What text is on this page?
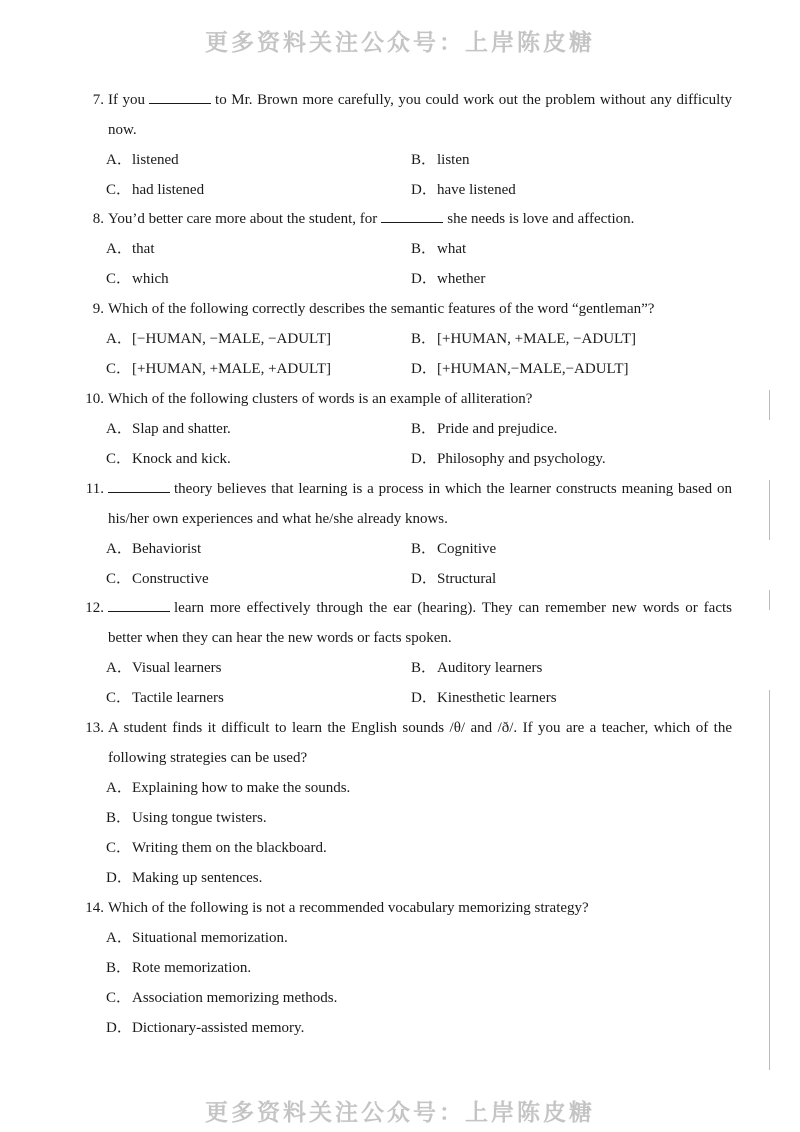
更多资料关注公众号：上岸陈皮糖
7. If you	to Mr. Brown more carefully, you could work out the problem without any difficulty now.
A．listened	B．listen
C．had listened	D．have listened
8. You’d better care more about the student, for	she needs is love and affection.
A．that	B．what
C．which	D．whether
9. Which of the following correctly describes the semantic features of the word “gentleman”?
A．[−HUMAN, −MALE, −ADULT]	B．[+HUMAN, +MALE, −ADULT]
C．[+HUMAN, +MALE, +ADULT]	D．[+HUMAN,−MALE,−ADULT]
10. Which of the following clusters of words is an example of alliteration?
A．Slap and shatter.	B．Pride and prejudice.
C．Knock and kick.	D．Philosophy and psychology.
11.	theory believes that learning is a process in which the learner constructs meaning based on his/her own experiences and what he/she already knows.
A．Behaviorist	B．Cognitive
C．Constructive	D．Structural
12.	learn more effectively through the ear (hearing). They can remember new words or facts better when they can hear the new words or facts spoken.
A．Visual learners	B．Auditory learners
C．Tactile learners	D．Kinesthetic learners
13. A student finds it difficult to learn the English sounds /θ/ and /ð/. If you are a teacher, which of the following strategies can be used?
A．Explaining how to make the sounds.
B．Using tongue twisters.
C．Writing them on the blackboard.
D．Making up sentences.
14. Which of the following is not a recommended vocabulary memorizing strategy?
A．Situational memorization.
B．Rote memorization.
C．Association memorizing methods.
D．Dictionary-assisted memory.
更多资料关注公众号：上岸陈皮糖
